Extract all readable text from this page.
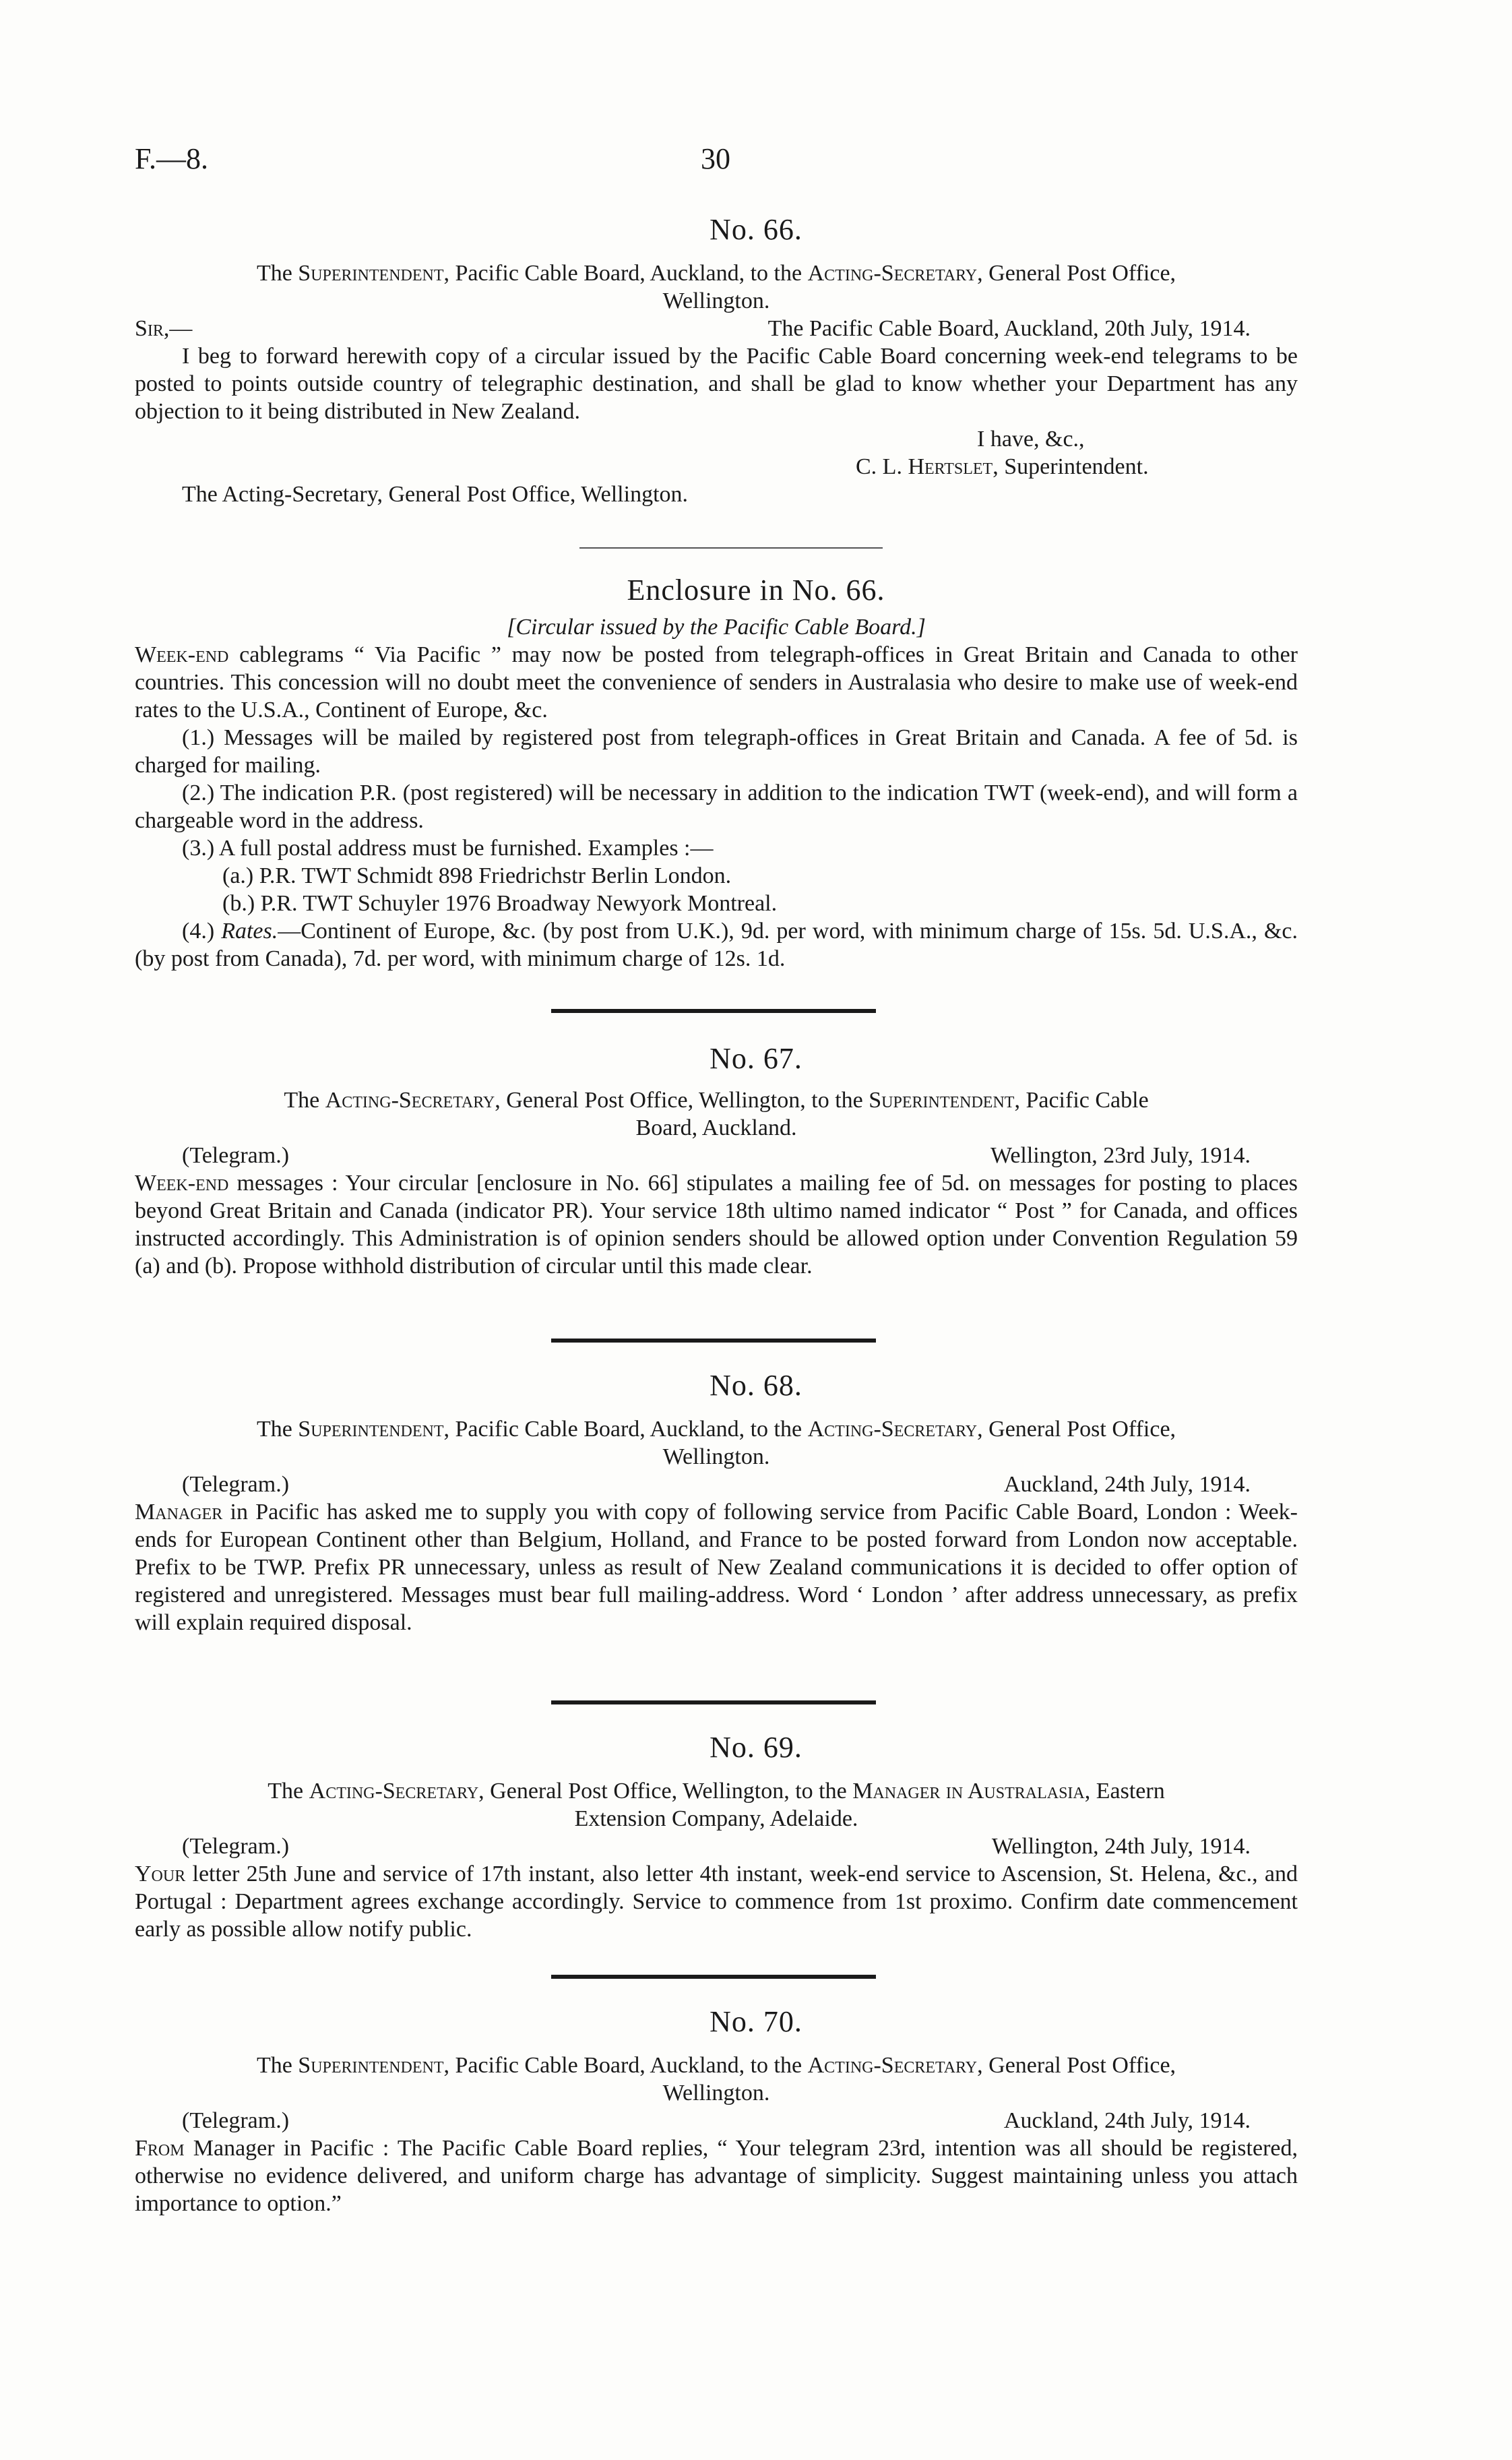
F.—8.	30
No. 66.
The Superintendent, Pacific Cable Board, Auckland, to the Acting-Secretary, General Post Office,
Wellington.
Sir,—	The Pacific Cable Board, Auckland, 20th July, 1914.

I beg to forward herewith copy of a circular issued by the Pacific Cable Board concerning week-end telegrams to be posted to points outside country of telegraphic destination, and shall be glad to know whether your Department has any objection to it being distributed in New Zealand.

I have, &c.,
C. L. Hertslet, Superintendent.
The Acting-Secretary, General Post Office, Wellington.
Enclosure in No. 66.
[Circular issued by the Pacific Cable Board.]

Week-end cablegrams “ Via Pacific ” may now be posted from telegraph-offices in Great Britain and Canada to other countries. This concession will no doubt meet the convenience of senders in Australasia who desire to make use of week-end rates to the U.S.A., Continent of Europe, &c.

(1.) Messages will be mailed by registered post from telegraph-offices in Great Britain and Canada. A fee of 5d. is charged for mailing.

(2.) The indication P.R. (post registered) will be necessary in addition to the indication TWT (week-end), and will form a chargeable word in the address.

(3.) A full postal address must be furnished. Examples :—

(a.) P.R. TWT Schmidt 898 Friedrichstr Berlin London.

(b.) P.R. TWT Schuyler 1976 Broadway Newyork Montreal.

(4.) Rates.—Continent of Europe, &c. (by post from U.K.), 9d. per word, with minimum charge of 15s. 5d. U.S.A., &c. (by post from Canada), 7d. per word, with minimum charge of 12s. 1d.

No. 67.
The Acting-Secretary, General Post Office, Wellington, to the Superintendent, Pacific Cable
Board, Auckland.
(Telegram.)	Wellington, 23rd July, 1914.

Week-end messages : Your circular [enclosure in No. 66] stipulates a mailing fee of 5d. on messages for posting to places beyond Great Britain and Canada (indicator PR). Your service 18th ultimo named indicator “ Post ” for Canada, and offices instructed accordingly. This Administration is of opinion senders should be allowed option under Convention Regulation 59 (a) and (b). Propose withhold distribution of circular until this made clear.

No. 68.
The Superintendent, Pacific Cable Board, Auckland, to the Acting-Secretary, General Post Office,
Wellington.
(Telegram.)	Auckland, 24th July, 1914.

Manager in Pacific has asked me to supply you with copy of following service from Pacific Cable Board, London : Week-ends for European Continent other than Belgium, Holland, and France to be posted forward from London now acceptable. Prefix to be TWP. Prefix PR unnecessary, unless as result of New Zealand communications it is decided to offer option of registered and unregistered. Messages must bear full mailing-address. Word ‘ London ’ after address unnecessary, as prefix will explain required disposal.

No. 69.
The Acting-Secretary, General Post Office, Wellington, to the Manager in Australasia, Eastern
Extension Company, Adelaide.
(Telegram.)	Wellington, 24th July, 1914.

Your letter 25th June and service of 17th instant, also letter 4th instant, week-end service to Ascension, St. Helena, &c., and Portugal : Department agrees exchange accordingly. Service to commence from 1st proximo. Confirm date commencement early as possible allow notify public.

No. 70.
The Superintendent, Pacific Cable Board, Auckland, to the Acting-Secretary, General Post Office,
Wellington.
(Telegram.)	Auckland, 24th July, 1914.

From Manager in Pacific : The Pacific Cable Board replies, “ Your telegram 23rd, intention was all should be registered, otherwise no evidence delivered, and uniform charge has advantage of simplicity. Suggest maintaining unless you attach importance to option.”
